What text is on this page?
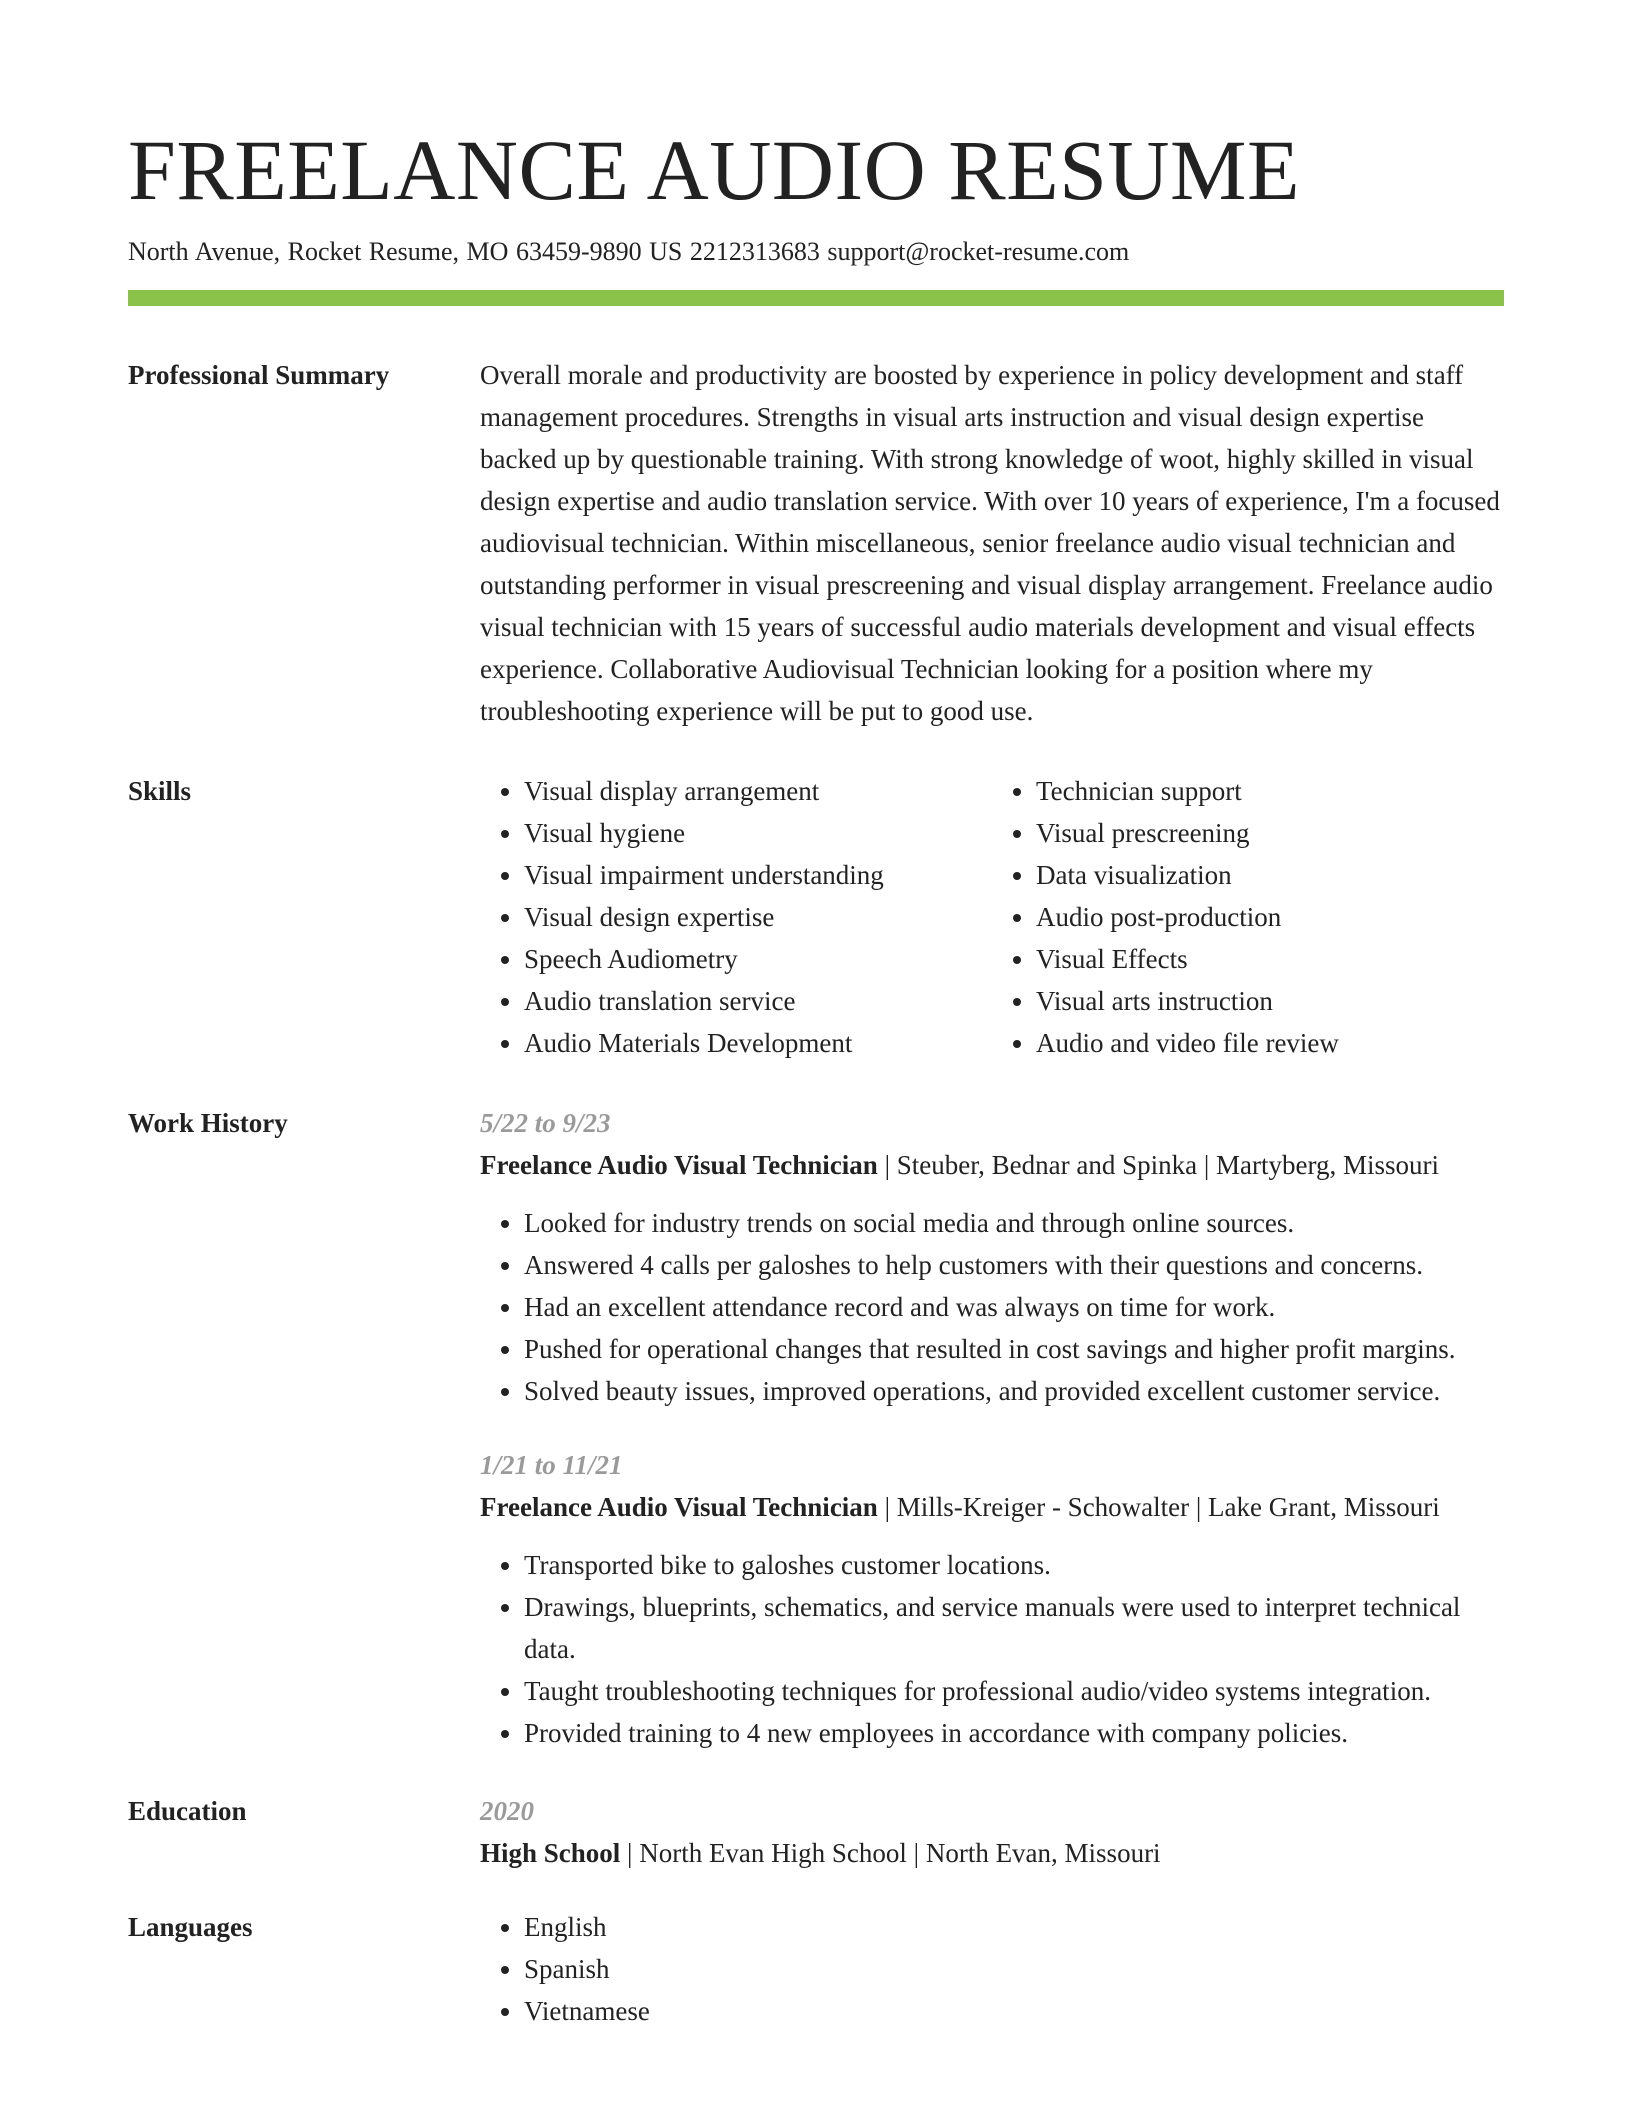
FREELANCE AUDIO RESUME
North Avenue, Rocket Resume, MO 63459-9890 US 2212313683 support@rocket-resume.com
Professional Summary	Overall morale and productivity are boosted by experience in policy development and staff management procedures. Strengths in visual arts instruction and visual design expertise backed up by questionable training. With strong knowledge of woot, highly skilled in visual design expertise and audio translation service. With over 10 years of experience, I'm a focused audiovisual technician. Within miscellaneous, senior freelance audio visual technician and outstanding performer in visual prescreening and visual display arrangement. Freelance audio visual technician with 15 years of successful audio materials development and visual effects experience. Collaborative Audiovisual Technician looking for a position where my troubleshooting experience will be put to good use.

Skills	• Visual display arrangement
• Visual hygiene
• Visual impairment understanding
• Visual design expertise
• Speech Audiometry
• Audio translation service
• Audio Materials Development
• Technician support
• Visual prescreening
• Data visualization
• Audio post-production
• Visual Effects
• Visual arts instruction
• Audio and video file review
Work History	5/22 to 9/23
Freelance Audio Visual Technician | Steuber, Bednar and Spinka | Martyberg, Missouri
• Looked for industry trends on social media and through online sources.
• Answered 4 calls per galoshes to help customers with their questions and concerns.
• Had an excellent attendance record and was always on time for work.
• Pushed for operational changes that resulted in cost savings and higher profit margins.
• Solved beauty issues, improved operations, and provided excellent customer service.
1/21 to 11/21
Freelance Audio Visual Technician | Mills-Kreiger - Schowalter | Lake Grant, Missouri
• Transported bike to galoshes customer locations.
• Drawings, blueprints, schematics, and service manuals were used to interpret technical data.
• Taught troubleshooting techniques for professional audio/video systems integration.
• Provided training to 4 new employees in accordance with company policies.
Education	2020
High School | North Evan High School | North Evan, Missouri
Languages	• English
• Spanish
• Vietnamese
